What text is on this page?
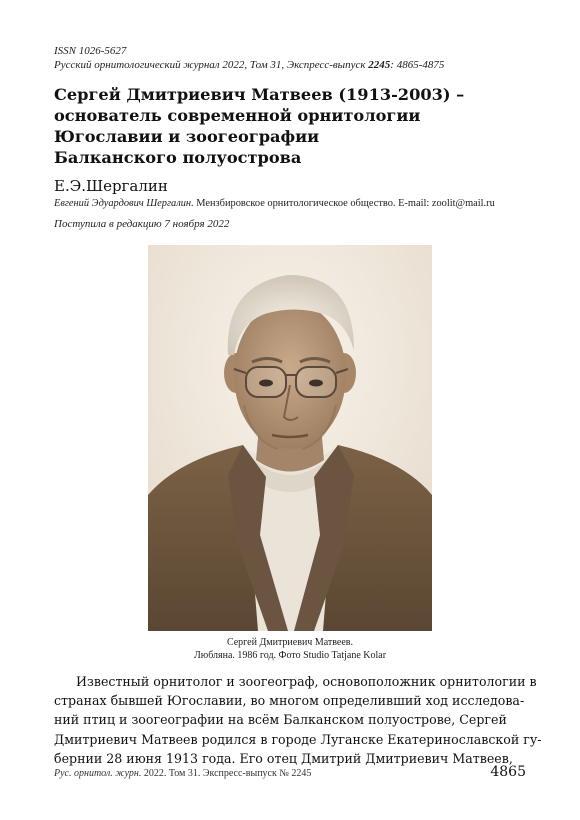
ISSN 1026-5627
Русский орнитологический журнал 2022, Том 31, Экспресс-выпуск 2245: 4865-4875
Сергей Дмитриевич Матвеев (1913-2003) –
основатель современной орнитологии
Югославии и зоогеографии
Балканского полуострова
Е.Э.Шергалин
Евгений Эдуардович Шергалин. Мензбировское орнитологическое общество. E-mail: zoolit@mail.ru
Поступила в редакцию 7 ноября 2022
Сергей Дмитриевич Матвеев.
Любляна. 1986 год. Фото Studio Tatjane Kolar
Известный орнитолог и зоогеограф, основоположник орнитологии в
странах бывшей Югославии, во многом определивший ход исследова-
ний птиц и зоогеографии на всём Балканском полуострове, Сергей
Дмитриевич Матвеев родился в городе Луганске Екатеринославской гу-
бернии 28 июня 1913 года. Его отец Дмитрий Дмитриевич Матвеев,
Рус. орнитол. журн. 2022. Том 31. Экспресс-выпуск № 2245	4865
